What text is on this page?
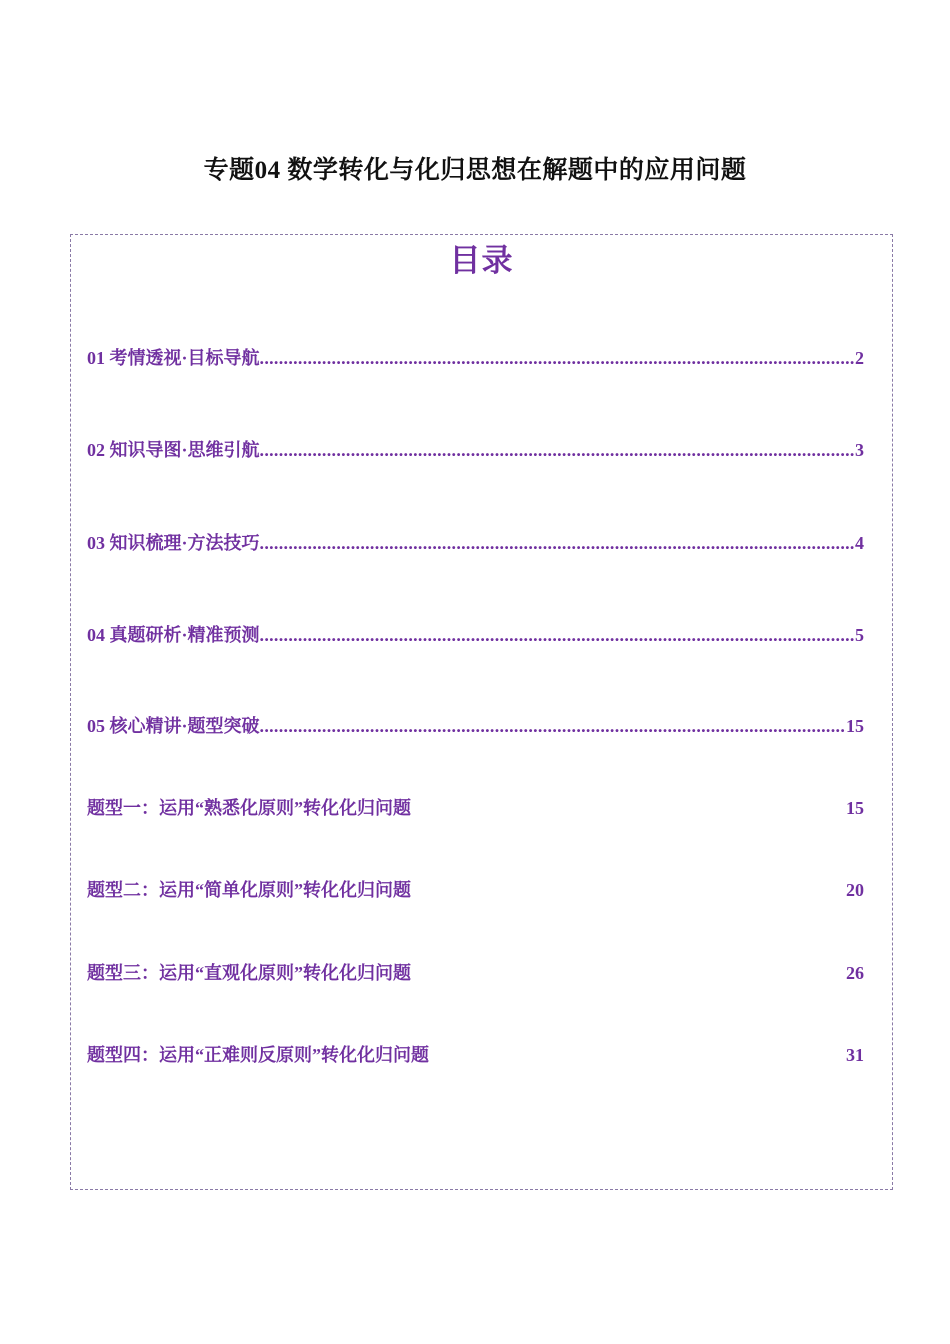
专题04 数学转化与化归思想在解题中的应用问题
目录
01 考情透视·目标导航 .....	2
02 知识导图·思维引航 .....	3
03 知识梳理·方法技巧 .....	4
04 真题研析·精准预测 .....	5
05 核心精讲·题型突破 .....	15
题型一：运用“熟悉化原则”转化化归问题	15
题型二：运用“简单化原则”转化化归问题	20
题型三：运用“直观化原则”转化化归问题	26
题型四：运用“正难则反原则”转化化归问题	31
